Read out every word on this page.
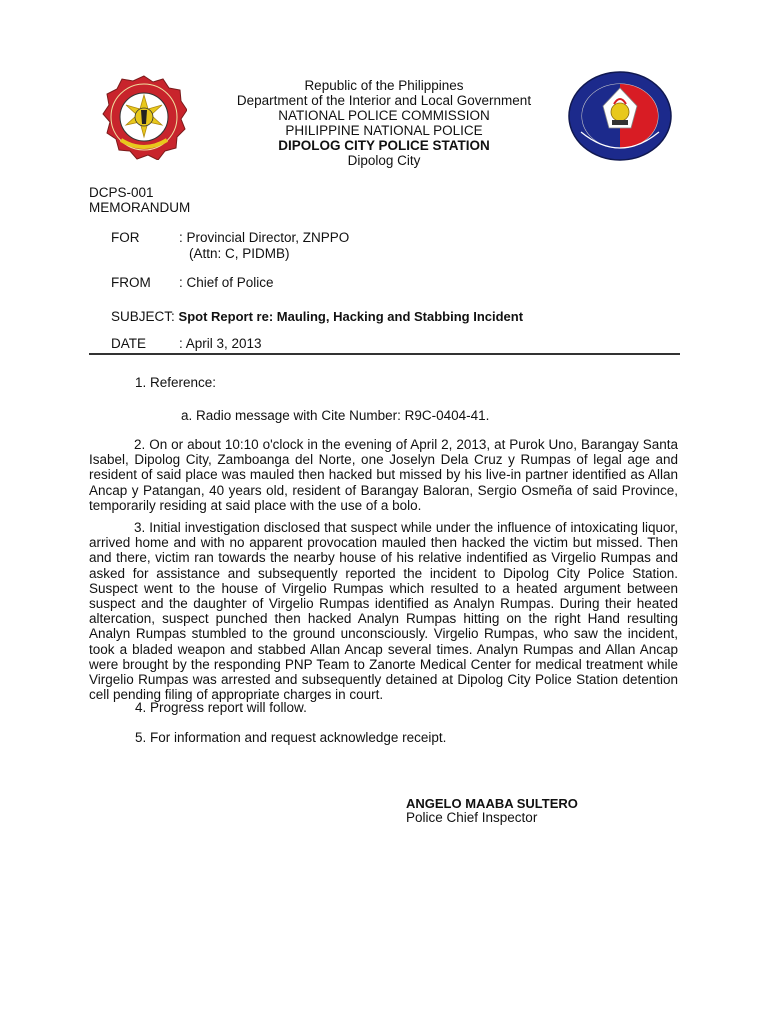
Republic of the Philippines
Department of the Interior and Local Government
NATIONAL POLICE COMMISSION
PHILIPPINE NATIONAL POLICE
DIPOLOG CITY POLICE STATION
Dipolog City
DCPS-001
MEMORANDUM
FOR	: Provincial Director, ZNPPO
(Attn: C, PIDMB)
FROM : Chief of Police
SUBJECT: Spot Report re: Mauling, Hacking and Stabbing Incident
DATE : April 3, 2013
1. Reference:
a. Radio message with Cite Number: R9C-0404-41.
2. On or about 10:10 o'clock in the evening of April 2, 2013, at Purok Uno, Barangay Santa Isabel, Dipolog City, Zamboanga del Norte, one Joselyn Dela Cruz y Rumpas of legal age and resident of said place was mauled then hacked but missed by his live-in partner identified as Allan Ancap y Patangan, 40 years old, resident of Barangay Baloran, Sergio Osmeña of said Province, temporarily residing at said place with the use of a bolo.
3. Initial investigation disclosed that suspect while under the influence of intoxicating liquor, arrived home and with no apparent provocation mauled then hacked the victim but missed. Then and there, victim ran towards the nearby house of his relative indentified as Virgelio Rumpas and asked for assistance and subsequently reported the incident to Dipolog City Police Station. Suspect went to the house of Virgelio Rumpas which resulted to a heated argument between suspect and the daughter of Virgelio Rumpas identified as Analyn Rumpas. During their heated altercation, suspect punched then hacked Analyn Rumpas hitting on the right Hand resulting Analyn Rumpas stumbled to the ground unconsciously. Virgelio Rumpas, who saw the incident, took a bladed weapon and stabbed Allan Ancap several times. Analyn Rumpas and Allan Ancap were brought by the responding PNP Team to Zanorte Medical Center for medical treatment while Virgelio Rumpas was arrested and subsequently detained at Dipolog City Police Station detention cell pending filing of appropriate charges in court.
4. Progress report will follow.
5. For information and request acknowledge receipt.
ANGELO MAABA SULTERO
Police Chief Inspector
